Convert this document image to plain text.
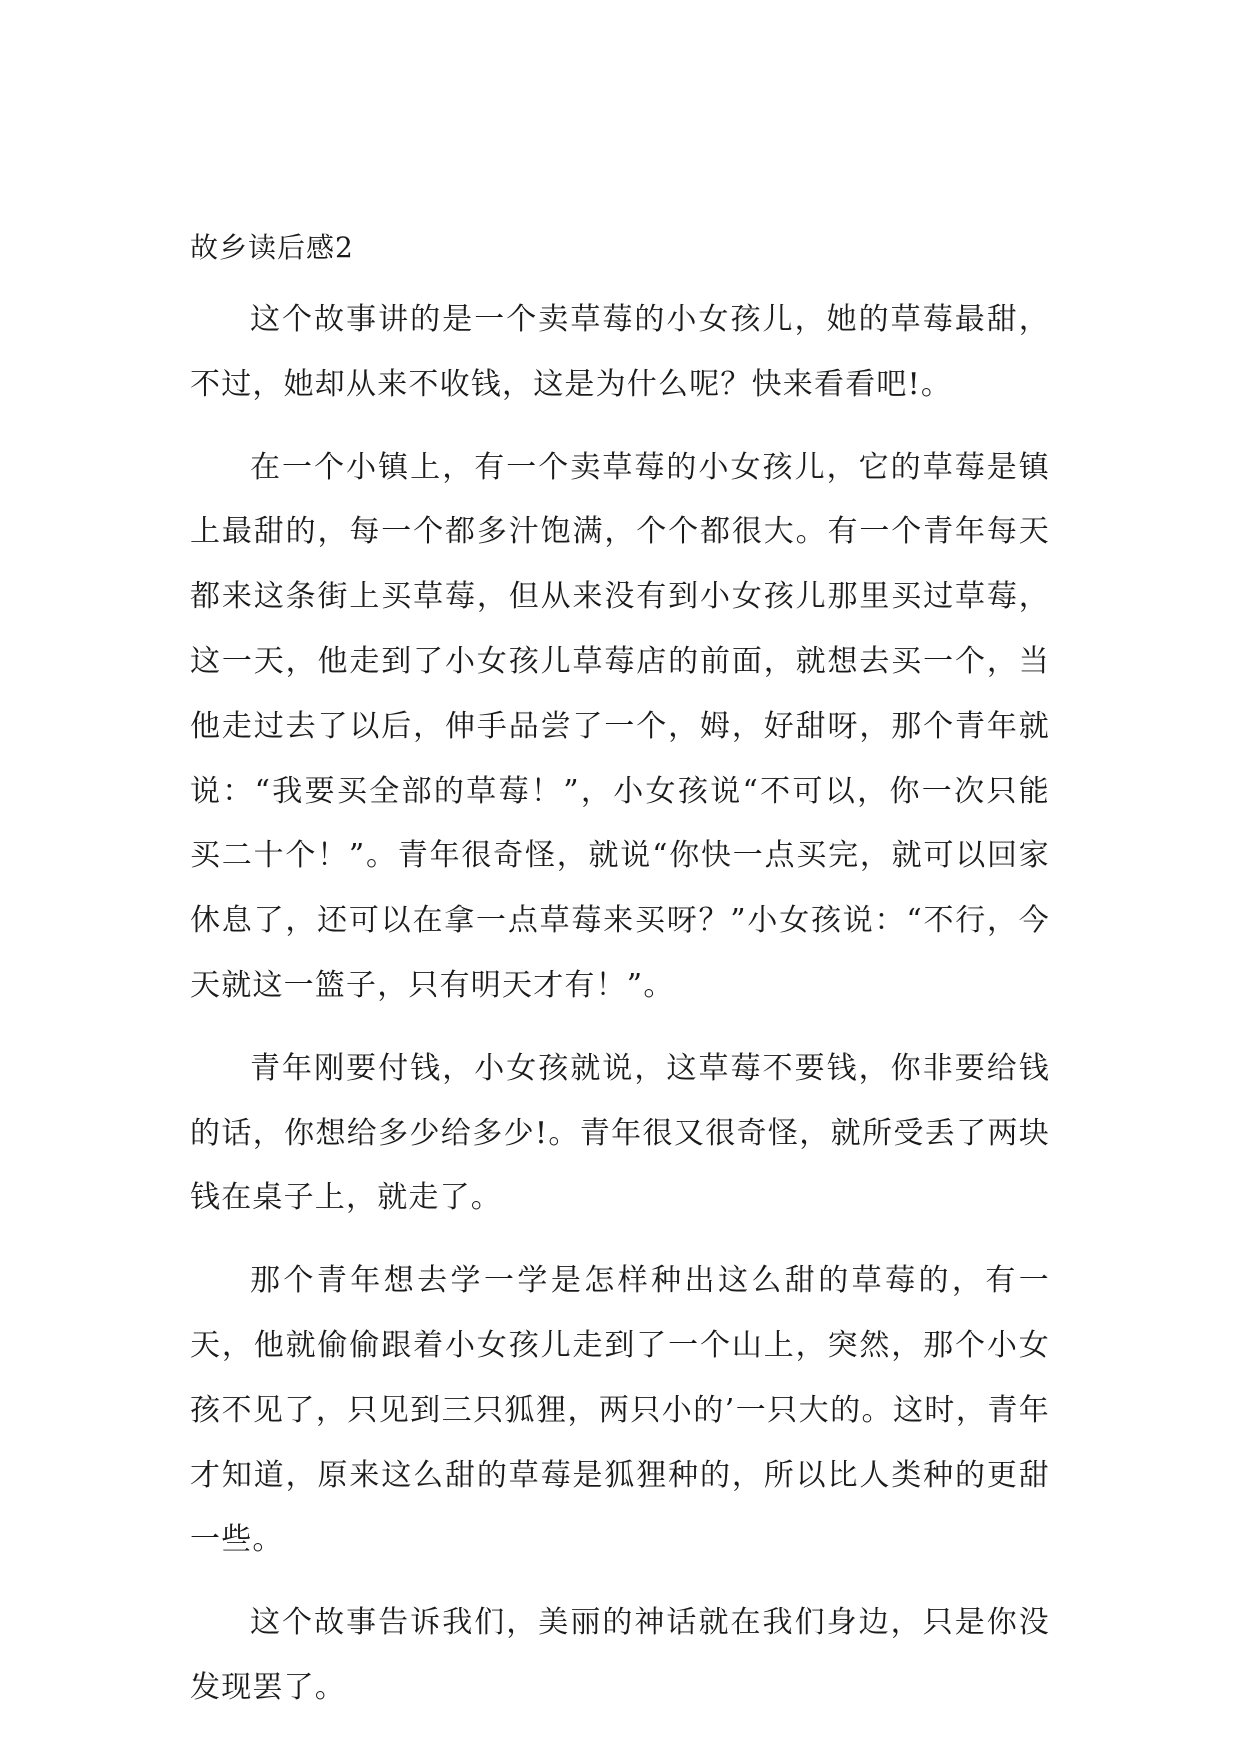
故乡读后感2

这个故事讲的是一个卖草莓的小女孩儿，她的草莓最甜，不过，她却从来不收钱，这是为什么呢？快来看看吧!。

在一个小镇上，有一个卖草莓的小女孩儿，它的草莓是镇上最甜的，每一个都多汁饱满，个个都很大。有一个青年每天都来这条街上买草莓，但从来没有到小女孩儿那里买过草莓，这一天，他走到了小女孩儿草莓店的前面，就想去买一个，当他走过去了以后，伸手品尝了一个，姆，好甜呀，那个青年就说：“我要买全部的草莓！”，小女孩说“不可以，你一次只能买二十个！”。青年很奇怪，就说“你快一点买完，就可以回家休息了，还可以在拿一点草莓来买呀？”小女孩说：“不行，今天就这一篮子，只有明天才有！”。

青年刚要付钱，小女孩就说，这草莓不要钱，你非要给钱的话，你想给多少给多少!。青年很又很奇怪，就所受丢了两块钱在桌子上，就走了。

那个青年想去学一学是怎样种出这么甜的草莓的，有一天，他就偷偷跟着小女孩儿走到了一个山上，突然，那个小女孩不见了，只见到三只狐狸，两只小的’一只大的。这时，青年才知道，原来这么甜的草莓是狐狸种的，所以比人类种的更甜一些。

这个故事告诉我们，美丽的神话就在我们身边，只是你没发现罢了。
